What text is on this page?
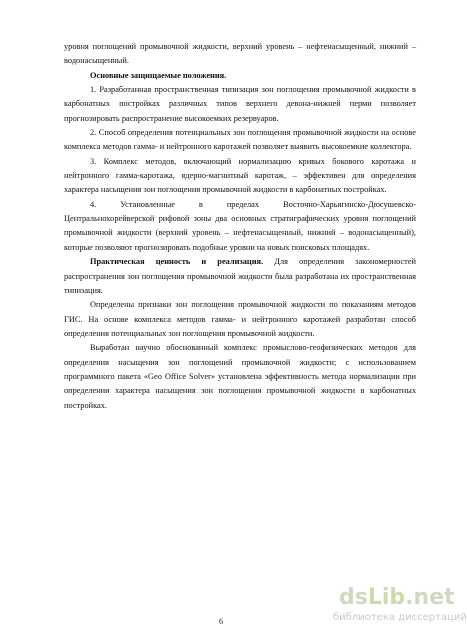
уровня поглощений промывочной жидкости, верхний уровень – нефтенасыщенный, нижний – водонасыщенный.

Основные защищаемые положения.

1. Разработанная пространственная типизация зон поглощения промывочной жидкости в карбонатных постройках различных типов верхнего девона-нижней перми позволяет прогнозировать распространение высокоемких резервуаров.

2. Способ определения потенциальных зон поглощения промывочной жидкости на основе комплекса методов гамма- и нейтронного каротажей позволяет выявить высокоемкие коллектора.

3. Комплекс методов, включающий нормализацию кривых бокового каротажа и нейтронного гамма-каротажа, ядерно-магнитный каротаж, – эффективен для определения характера насыщения зон поглощения промывочной жидкости в карбонатных постройках.

4. Установленные в пределах Восточно-Харьягинско-Дюсушевско-Центральнохорейверской рифовой зоны два основных стратиграфических уровня поглощений промывочной жидкости (верхний уровень – нефтенасыщенный, нижний – водонасыщенный), которые позволяют прогнозировать подобные уровни на новых поисковых площадях.

Практическая ценность и реализация. Для определения закономерностей распространения зон поглощения промывочной жидкости была разработана их пространственная типизация.

Определены признаки зон поглощения промывочной жидкости по показаниям методов ГИС. На основе комплекса методов гамма- и нейтронного каротажей разработан способ определения потенциальных зон поглощения промывочной жидкости.

Выработан научно обоснованный комплекс промыслово-геофизических методов для определения насыщения зон поглощений промывочной жидкости; с использованием программного пакета «Geo Office Solver» установлена эффективность метода нормализации при определении характера насыщения зон поглощения промывочной жидкости в карбонатных постройках.

dsLib.net
библиотека диссертаций
6
